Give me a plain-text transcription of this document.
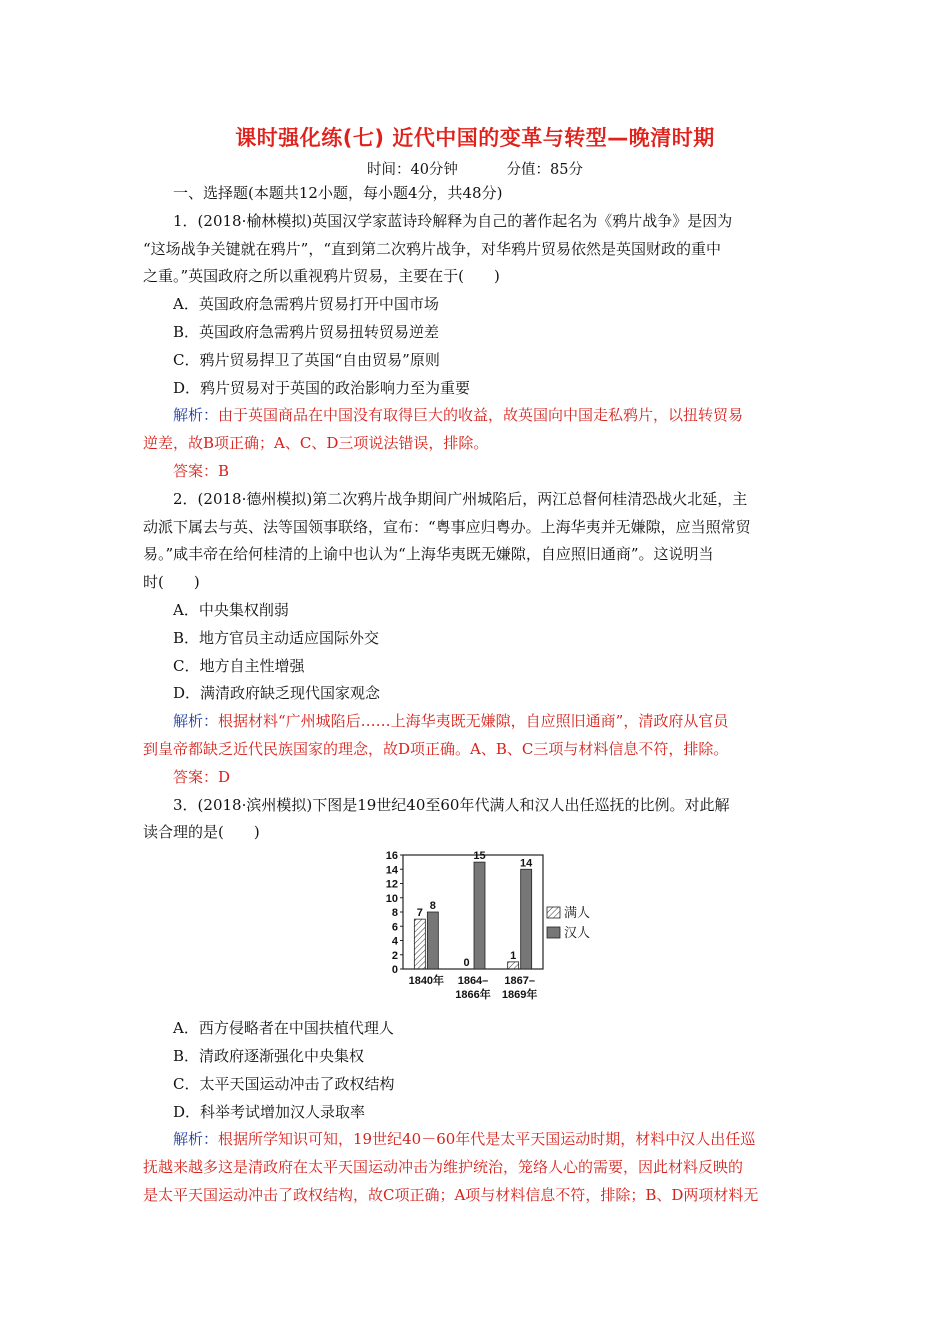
课时强化练(七) 近代中国的变革与转型—晚清时期
时间：40分钟	分值：85分
一、选择题(本题共12小题，每小题4分，共48分)
1．(2018·榆林模拟)英国汉学家蓝诗玲解释为自己的著作起名为《鸦片战争》是因为
“这场战争关键就在鸦片”，“直到第二次鸦片战争，对华鸦片贸易依然是英国财政的重中
之重。”英国政府之所以重视鸦片贸易，主要在于(　　)
A．英国政府急需鸦片贸易打开中国市场
B．英国政府急需鸦片贸易扭转贸易逆差
C．鸦片贸易捍卫了英国“自由贸易”原则
D．鸦片贸易对于英国的政治影响力至为重要
解析：由于英国商品在中国没有取得巨大的收益，故英国向中国走私鸦片，以扭转贸易
逆差，故B项正确；A、C、D三项说法错误，排除。
答案：B
2．(2018·德州模拟)第二次鸦片战争期间广州城陷后，两江总督何桂清恐战火北延，主
动派下属去与英、法等国领事联络，宣布：“粤事应归粤办。上海华夷并无嫌隙，应当照常贸
易。”咸丰帝在给何桂清的上谕中也认为“上海华夷既无嫌隙，自应照旧通商”。这说明当
时(　　)
A．中央集权削弱
B．地方官员主动适应国际外交
C．地方自主性增强
D．满清政府缺乏现代国家观念
解析：根据材料“广州城陷后……上海华夷既无嫌隙，自应照旧通商”，清政府从官员
到皇帝都缺乏近代民族国家的理念，故D项正确。A、B、C三项与材料信息不符，排除。
答案：D
3．(2018·滨州模拟)下图是19世纪40至60年代满人和汉人出任巡抚的比例。对此解
读合理的是(　　)
0
2
4
6
8
10
12
14
16
7
8
1840年
0
15
1864–
1866年
1
14
1867–
1869年
满人
汉人
A．西方侵略者在中国扶植代理人
B．清政府逐渐强化中央集权
C．太平天国运动冲击了政权结构
D．科举考试增加汉人录取率
解析：根据所学知识可知，19世纪40－60年代是太平天国运动时期，材料中汉人出任巡
抚越来越多这是清政府在太平天国运动冲击为维护统治，笼络人心的需要，因此材料反映的
是太平天国运动冲击了政权结构，故C项正确；A项与材料信息不符，排除；B、D两项材料无
